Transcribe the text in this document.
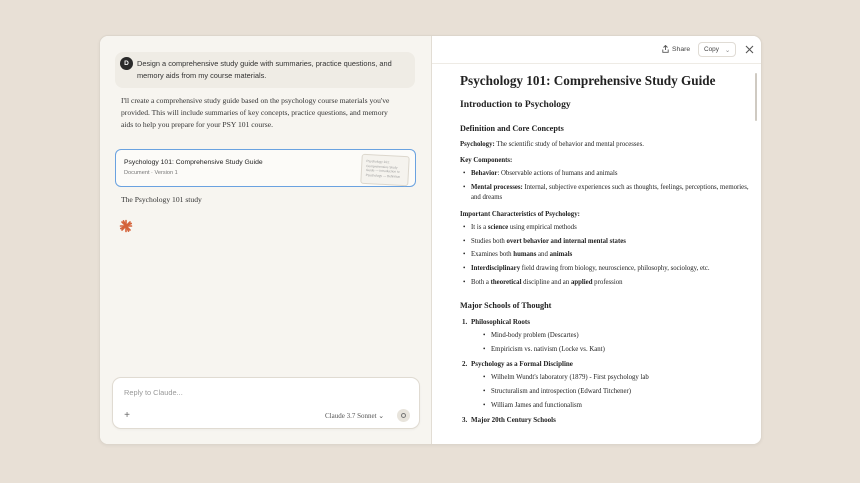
D	Design a comprehensive study guide with summaries, practice questions, and memory aids from my course materials.
I'll create a comprehensive study guide based on the psychology course materials you've provided. This will include summaries of key concepts, practice questions, and memory aids to help you prepare for your PSY 101 course.
Psychology 101: Comprehensive Study Guide
Document · Version 1
Psychology 101: Comprehensive Study Guide — Introduction to Psychology — Definition
The Psychology 101 study
Reply to Claude...
+	Claude 3.7 Sonnet ⌄
Share Copy ⌄
Psychology 101: Comprehensive Study Guide
Introduction to Psychology
Definition and Core Concepts

Psychology: The scientific study of behavior and mental processes.

Key Components:
• Behavior: Observable actions of humans and animals
• Mental processes: Internal, subjective experiences such as thoughts, feelings, perceptions, memories, and dreams
Important Characteristics of Psychology:
• It is a science using empirical methods
• Studies both overt behavior and internal mental states
• Examines both humans and animals
• Interdisciplinary field drawing from biology, neuroscience, philosophy, sociology, etc.
• Both a theoretical discipline and an applied profession
Major Schools of Thought
1. Philosophical Roots
• Mind-body problem (Descartes)
• Empiricism vs. nativism (Locke vs. Kant)
2. Psychology as a Formal Discipline
• Wilhelm Wundt's laboratory (1879) - First psychology lab
• Structuralism and introspection (Edward Titchener)
• William James and functionalism
3. Major 20th Century Schools
